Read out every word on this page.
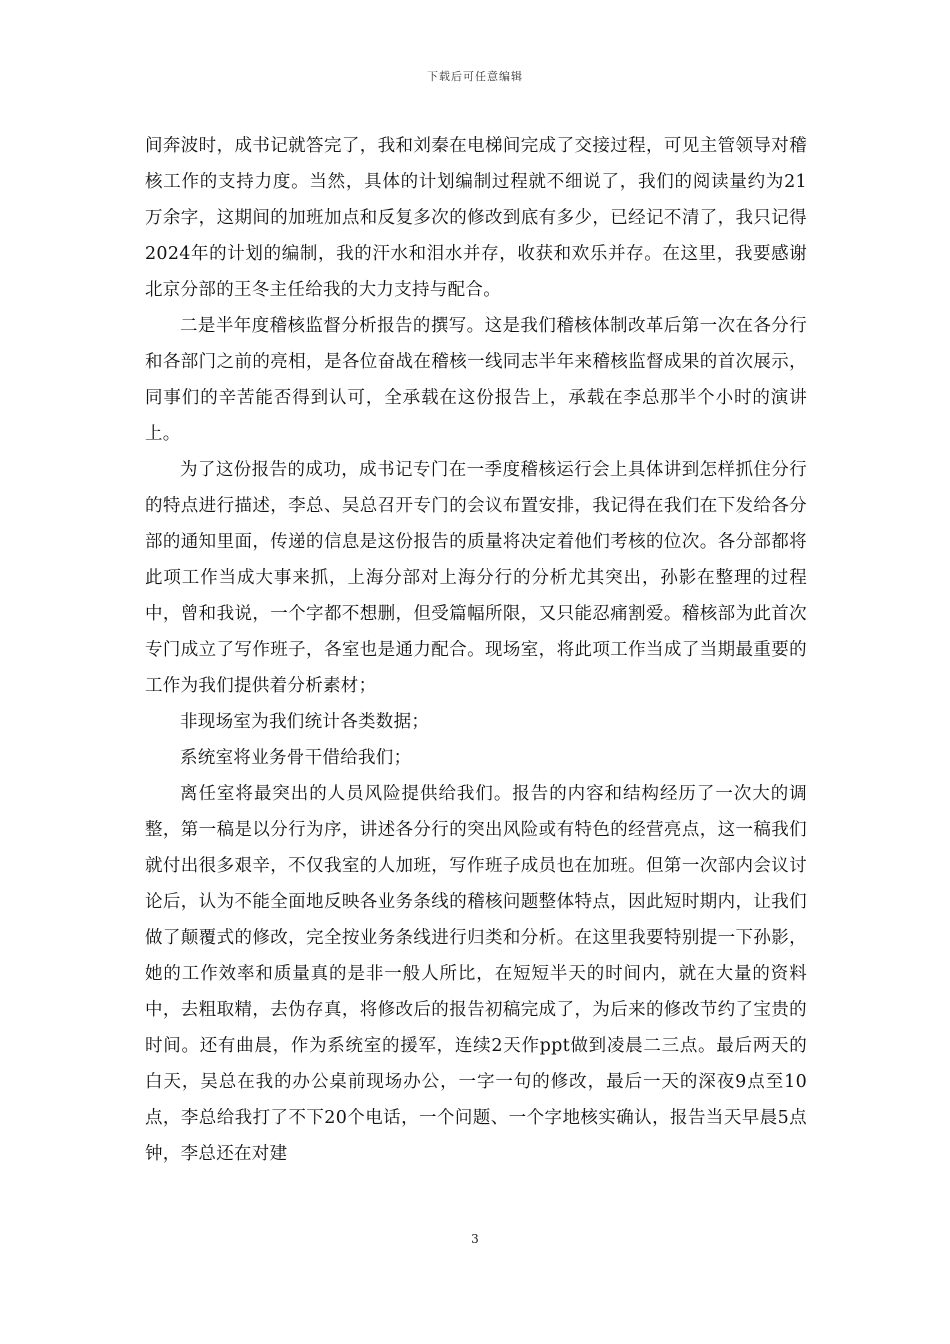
下载后可任意编辑

间奔波时，成书记就答完了，我和刘秦在电梯间完成了交接过程，可见主管领导对稽核工作的支持力度。当然，具体的计划编制过程就不细说了，我们的阅读量约为21万余字，这期间的加班加点和反复多次的修改到底有多少，已经记不清了，我只记得2024年的计划的编制，我的汗水和泪水并存，收获和欢乐并存。在这里，我要感谢北京分部的王冬主任给我的大力支持与配合。

二是半年度稽核监督分析报告的撰写。这是我们稽核体制改革后第一次在各分行和各部门之前的亮相，是各位奋战在稽核一线同志半年来稽核监督成果的首次展示，同事们的辛苦能否得到认可，全承载在这份报告上，承载在李总那半个小时的演讲上。

为了这份报告的成功，成书记专门在一季度稽核运行会上具体讲到怎样抓住分行的特点进行描述，李总、吴总召开专门的会议布置安排，我记得在我们在下发给各分部的通知里面，传递的信息是这份报告的质量将决定着他们考核的位次。各分部都将此项工作当成大事来抓，上海分部对上海分行的分析尤其突出，孙影在整理的过程中，曾和我说，一个字都不想删，但受篇幅所限，又只能忍痛割爱。稽核部为此首次专门成立了写作班子，各室也是通力配合。现场室，将此项工作当成了当期最重要的工作为我们提供着分析素材；

非现场室为我们统计各类数据；

系统室将业务骨干借给我们；

离任室将最突出的人员风险提供给我们。报告的内容和结构经历了一次大的调整，第一稿是以分行为序，讲述各分行的突出风险或有特色的经营亮点，这一稿我们就付出很多艰辛，不仅我室的人加班，写作班子成员也在加班。但第一次部内会议讨论后，认为不能全面地反映各业务条线的稽核问题整体特点，因此短时期内，让我们做了颠覆式的修改，完全按业务条线进行归类和分析。在这里我要特别提一下孙影，她的工作效率和质量真的是非一般人所比，在短短半天的时间内，就在大量的资料中，去粗取精，去伪存真，将修改后的报告初稿完成了，为后来的修改节约了宝贵的时间。还有曲晨，作为系统室的援军，连续2天作ppt做到凌晨二三点。最后两天的白天，吴总在我的办公桌前现场办公，一字一句的修改，最后一天的深夜9点至10点，李总给我打了不下20个电话，一个问题、一个字地核实确认，报告当天早晨5点钟，李总还在对建

3
